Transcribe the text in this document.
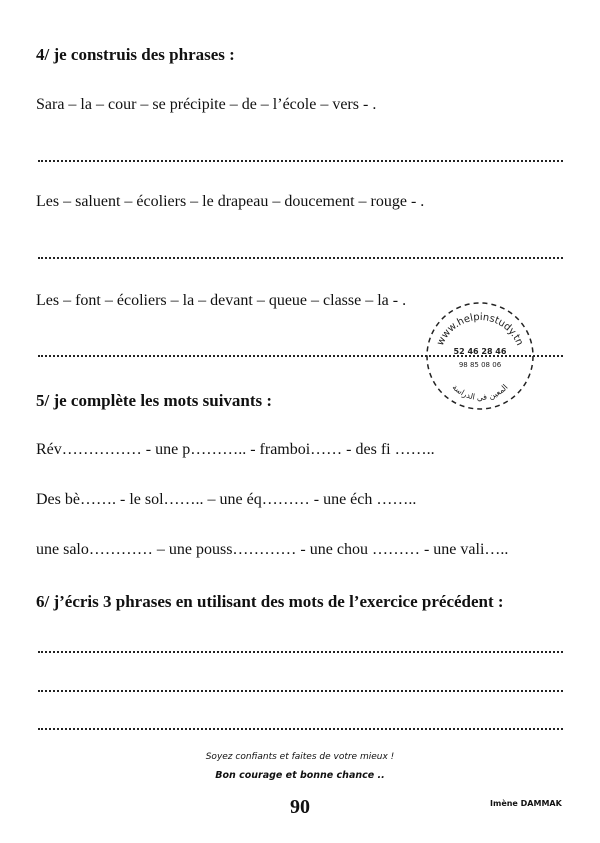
4/ je construis des phrases :
Sara – la – cour – se précipite – de – l’école – vers - .
Les – saluent – écoliers – le drapeau – doucement – rouge - .
Les – font – écoliers – la – devant – queue – classe – la - .
5/ je complète les mots suivants :
Rév…………… - une p……….. - framboi…… - des fi ……..
Des bè……. - le sol…….. – une éq……… - une éch ……..
une salo………… – une pouss………… - une chou ……… - une vali…..
6/ j’écris 3 phrases en utilisant des mots de l’exercice précédent :
www.helpinstudy.tn
52 46 28 46
98 85 08 06
المعين في الدراسة
Soyez confiants et faites de votre mieux !
Bon courage et bonne chance ..
90	Imène DAMMAK
